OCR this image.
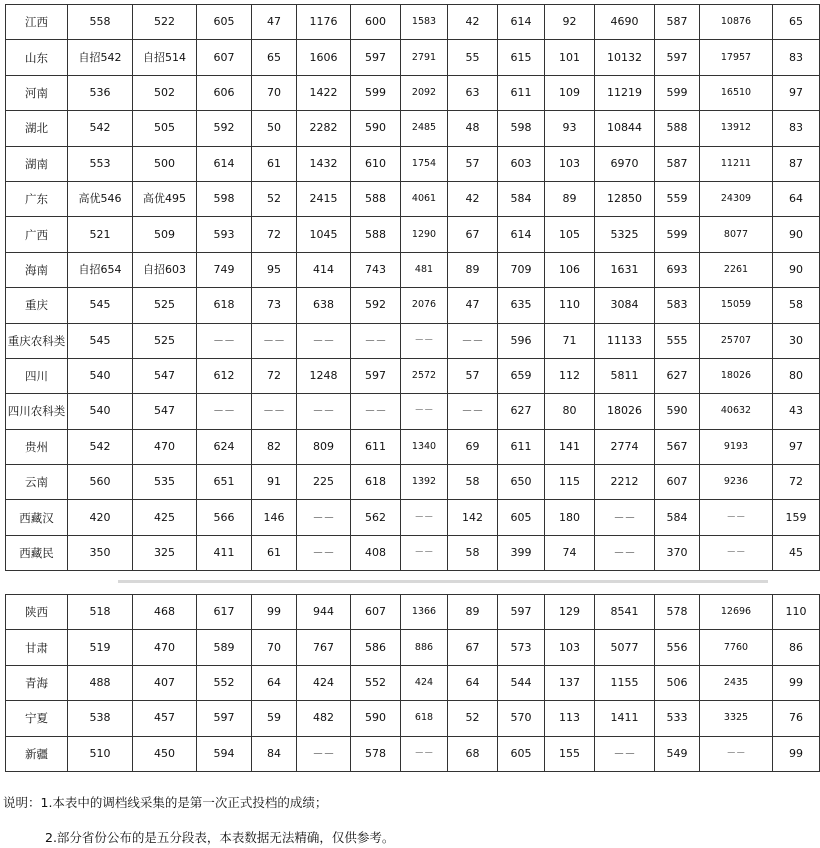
江西	558	522	605	47	1176	600	1583	42	614	92	4690	587	10876	65
山东	自招542	自招514	607	65	1606	597	2791	55	615	101	10132	597	17957	83
河南	536	502	606	70	1422	599	2092	63	611	109	11219	599	16510	97
湖北	542	505	592	50	2282	590	2485	48	598	93	10844	588	13912	83
湖南	553	500	614	61	1432	610	1754	57	603	103	6970	587	11211	87
广东	高优546	高优495	598	52	2415	588	4061	42	584	89	12850	559	24309	64
广西	521	509	593	72	1045	588	1290	67	614	105	5325	599	8077	90
海南	自招654	自招603	749	95	414	743	481	89	709	106	1631	693	2261	90
重庆	545	525	618	73	638	592	2076	47	635	110	3084	583	15059	58
重庆农科类	545	525	－－	－－	－－	－－	－－	－－	596	71	11133	555	25707	30
四川	540	547	612	72	1248	597	2572	57	659	112	5811	627	18026	80
四川农科类	540	547	－－	－－	－－	－－	－－	－－	627	80	18026	590	40632	43
贵州	542	470	624	82	809	611	1340	69	611	141	2774	567	9193	97
云南	560	535	651	91	225	618	1392	58	650	115	2212	607	9236	72
西藏汉	420	425	566	146	－－	562	－－	142	605	180	－－	584	－－	159
西藏民	350	325	411	61	－－	408	－－	58	399	74	－－	370	－－	45
陕西	518	468	617	99	944	607	1366	89	597	129	8541	578	12696	110
甘肃	519	470	589	70	767	586	886	67	573	103	5077	556	7760	86
青海	488	407	552	64	424	552	424	64	544	137	1155	506	2435	99
宁夏	538	457	597	59	482	590	618	52	570	113	1411	533	3325	76
新疆	510	450	594	84	－－	578	－－	68	605	155	－－	549	－－	99
说明：1.本表中的调档线采集的是第一次正式投档的成绩；
2.部分省份公布的是五分段表，本表数据无法精确，仅供参考。
